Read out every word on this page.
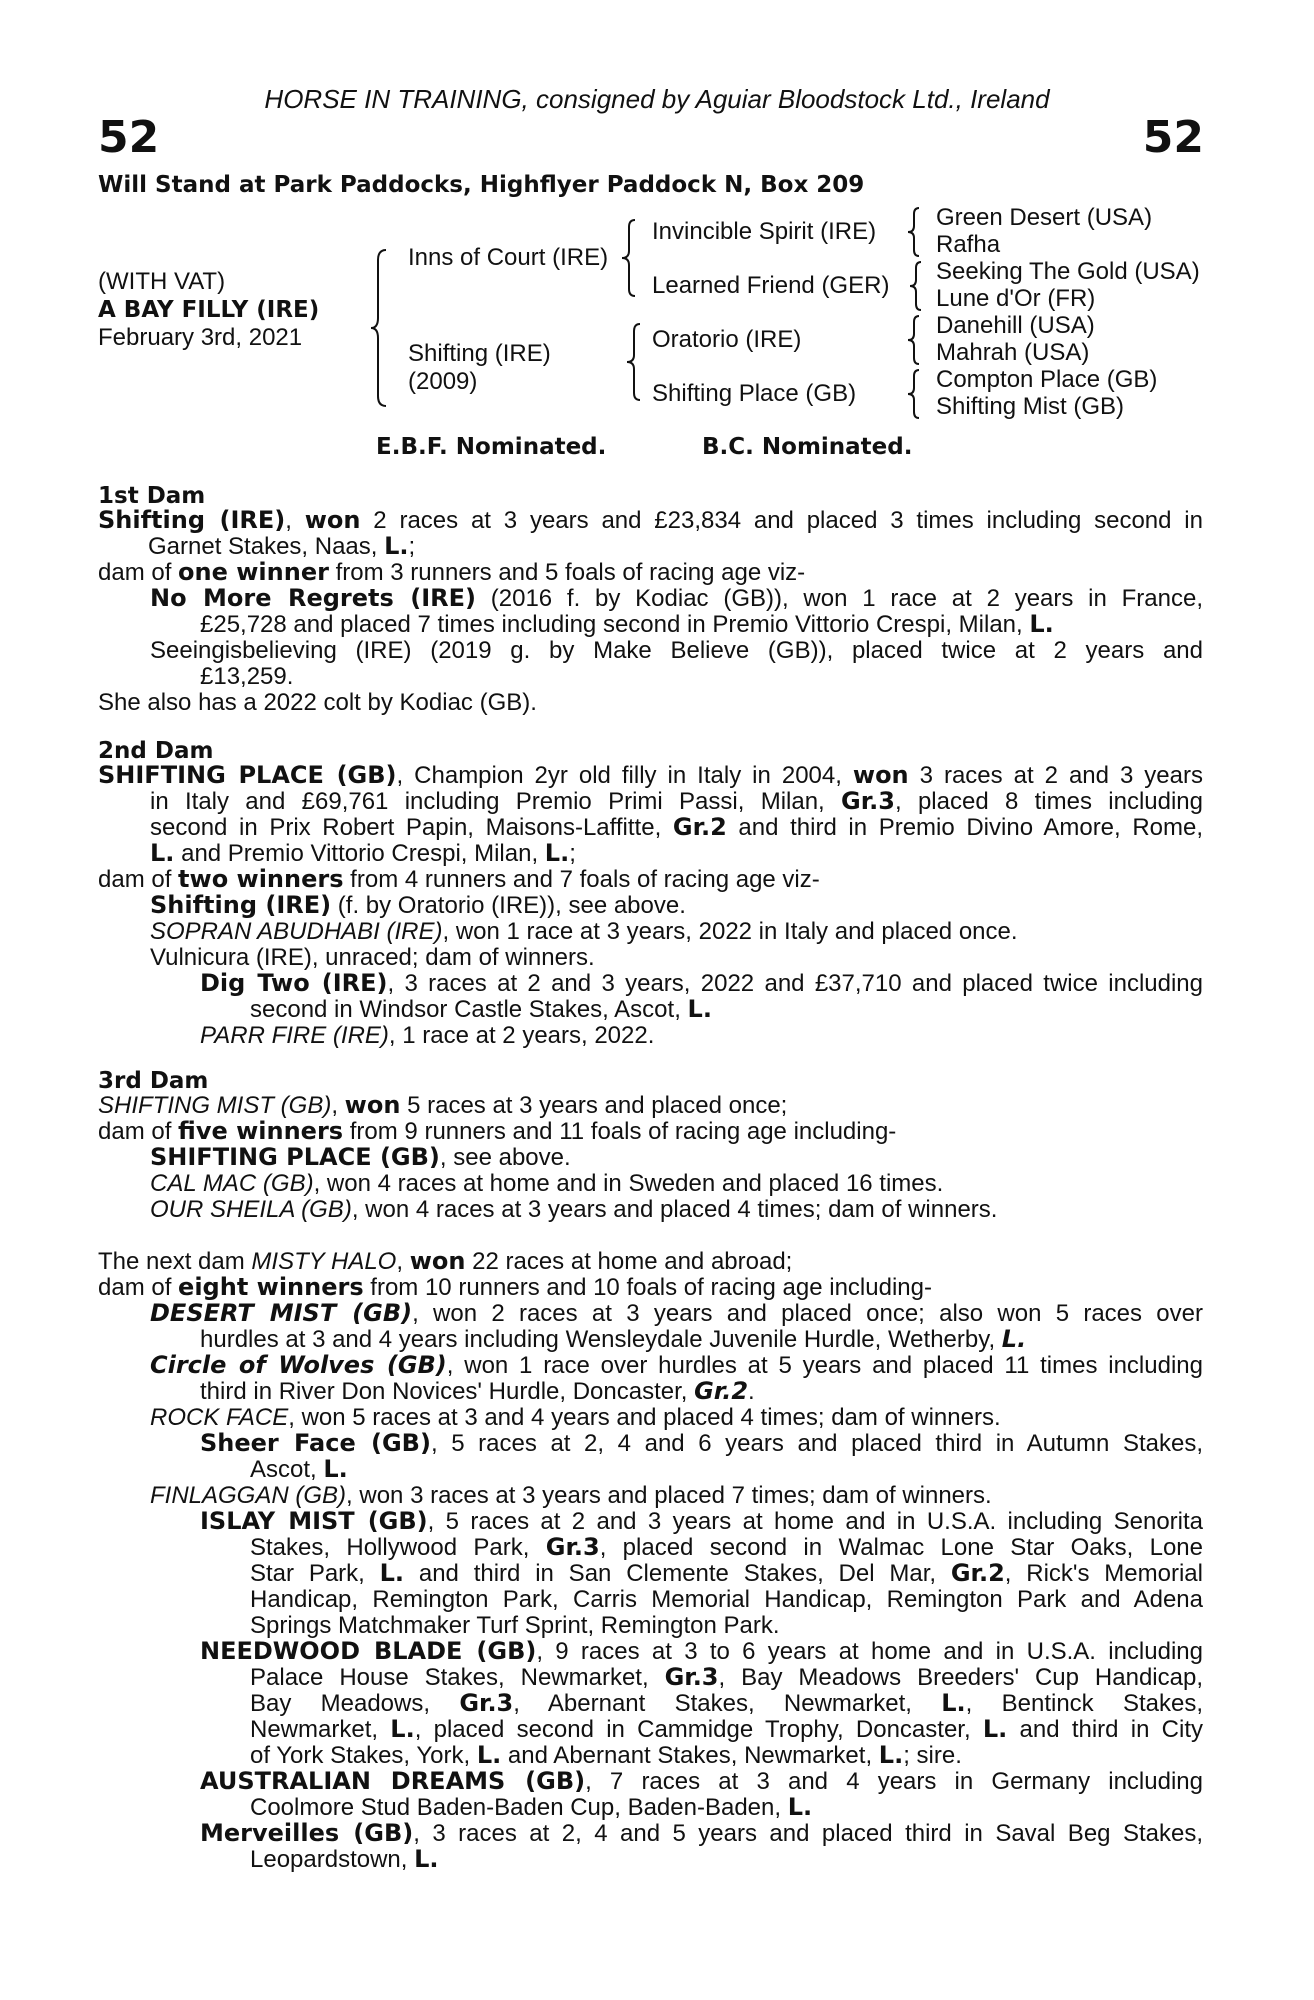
HORSE IN TRAINING, consigned by Aguiar Bloodstock Ltd., Ireland
52	52
Will Stand at Park Paddocks, Highflyer Paddock N, Box 209
(WITH VAT)
A BAY FILLY (IRE)
February 3rd, 2021
Inns of Court (IRE)
Shifting (IRE)
(2009)
Invincible Spirit (IRE)
Learned Friend (GER)
Oratorio (IRE)
Shifting Place (GB)
Green Desert (USA)
Rafha
Seeking The Gold (USA)
Lune d'Or (FR)
Danehill (USA)
Mahrah (USA)
Compton Place (GB)
Shifting Mist (GB)
E.B.F. Nominated.	B.C. Nominated.
1st Dam
2nd Dam
3rd Dam
Shifting (IRE), won 2 races at 3 years and £23,834 and placed 3 times including second in
Garnet Stakes, Naas, L.;
dam of one winner from 3 runners and 5 foals of racing age viz-
No More Regrets (IRE) (2016 f. by Kodiac (GB)), won 1 race at 2 years in France,
£25,728 and placed 7 times including second in Premio Vittorio Crespi, Milan, L.
Seeingisbelieving (IRE) (2019 g. by Make Believe (GB)), placed twice at 2 years and
£13,259.
She also has a 2022 colt by Kodiac (GB).
SHIFTING PLACE (GB), Champion 2yr old filly in Italy in 2004, won 3 races at 2 and 3 years
in Italy and £69,761 including Premio Primi Passi, Milan, Gr.3, placed 8 times including
second in Prix Robert Papin, Maisons-Laffitte, Gr.2 and third in Premio Divino Amore, Rome,
L. and Premio Vittorio Crespi, Milan, L.;
dam of two winners from 4 runners and 7 foals of racing age viz-
Shifting (IRE) (f. by Oratorio (IRE)), see above.
SOPRAN ABUDHABI (IRE), won 1 race at 3 years, 2022 in Italy and placed once.
Vulnicura (IRE), unraced; dam of winners.
Dig Two (IRE), 3 races at 2 and 3 years, 2022 and £37,710 and placed twice including
second in Windsor Castle Stakes, Ascot, L.
PARR FIRE (IRE), 1 race at 2 years, 2022.
SHIFTING MIST (GB), won 5 races at 3 years and placed once;
dam of five winners from 9 runners and 11 foals of racing age including-
SHIFTING PLACE (GB), see above.
CAL MAC (GB), won 4 races at home and in Sweden and placed 16 times.
OUR SHEILA (GB), won 4 races at 3 years and placed 4 times; dam of winners.
The next dam MISTY HALO, won 22 races at home and abroad;
dam of eight winners from 10 runners and 10 foals of racing age including-
DESERT MIST (GB), won 2 races at 3 years and placed once; also won 5 races over
hurdles at 3 and 4 years including Wensleydale Juvenile Hurdle, Wetherby, L.
Circle of Wolves (GB), won 1 race over hurdles at 5 years and placed 11 times including
third in River Don Novices' Hurdle, Doncaster, Gr.2.
ROCK FACE, won 5 races at 3 and 4 years and placed 4 times; dam of winners.
Sheer Face (GB), 5 races at 2, 4 and 6 years and placed third in Autumn Stakes,
Ascot, L.
FINLAGGAN (GB), won 3 races at 3 years and placed 7 times; dam of winners.
ISLAY MIST (GB), 5 races at 2 and 3 years at home and in U.S.A. including Senorita
Stakes, Hollywood Park, Gr.3, placed second in Walmac Lone Star Oaks, Lone
Star Park, L. and third in San Clemente Stakes, Del Mar, Gr.2, Rick's Memorial
Handicap, Remington Park, Carris Memorial Handicap, Remington Park and Adena
Springs Matchmaker Turf Sprint, Remington Park.
NEEDWOOD BLADE (GB), 9 races at 3 to 6 years at home and in U.S.A. including
Palace House Stakes, Newmarket, Gr.3, Bay Meadows Breeders' Cup Handicap,
Bay Meadows, Gr.3, Abernant Stakes, Newmarket, L., Bentinck Stakes,
Newmarket, L., placed second in Cammidge Trophy, Doncaster, L. and third in City
of York Stakes, York, L. and Abernant Stakes, Newmarket, L.; sire.
AUSTRALIAN DREAMS (GB), 7 races at 3 and 4 years in Germany including
Coolmore Stud Baden-Baden Cup, Baden-Baden, L.
Merveilles (GB), 3 races at 2, 4 and 5 years and placed third in Saval Beg Stakes,
Leopardstown, L.
